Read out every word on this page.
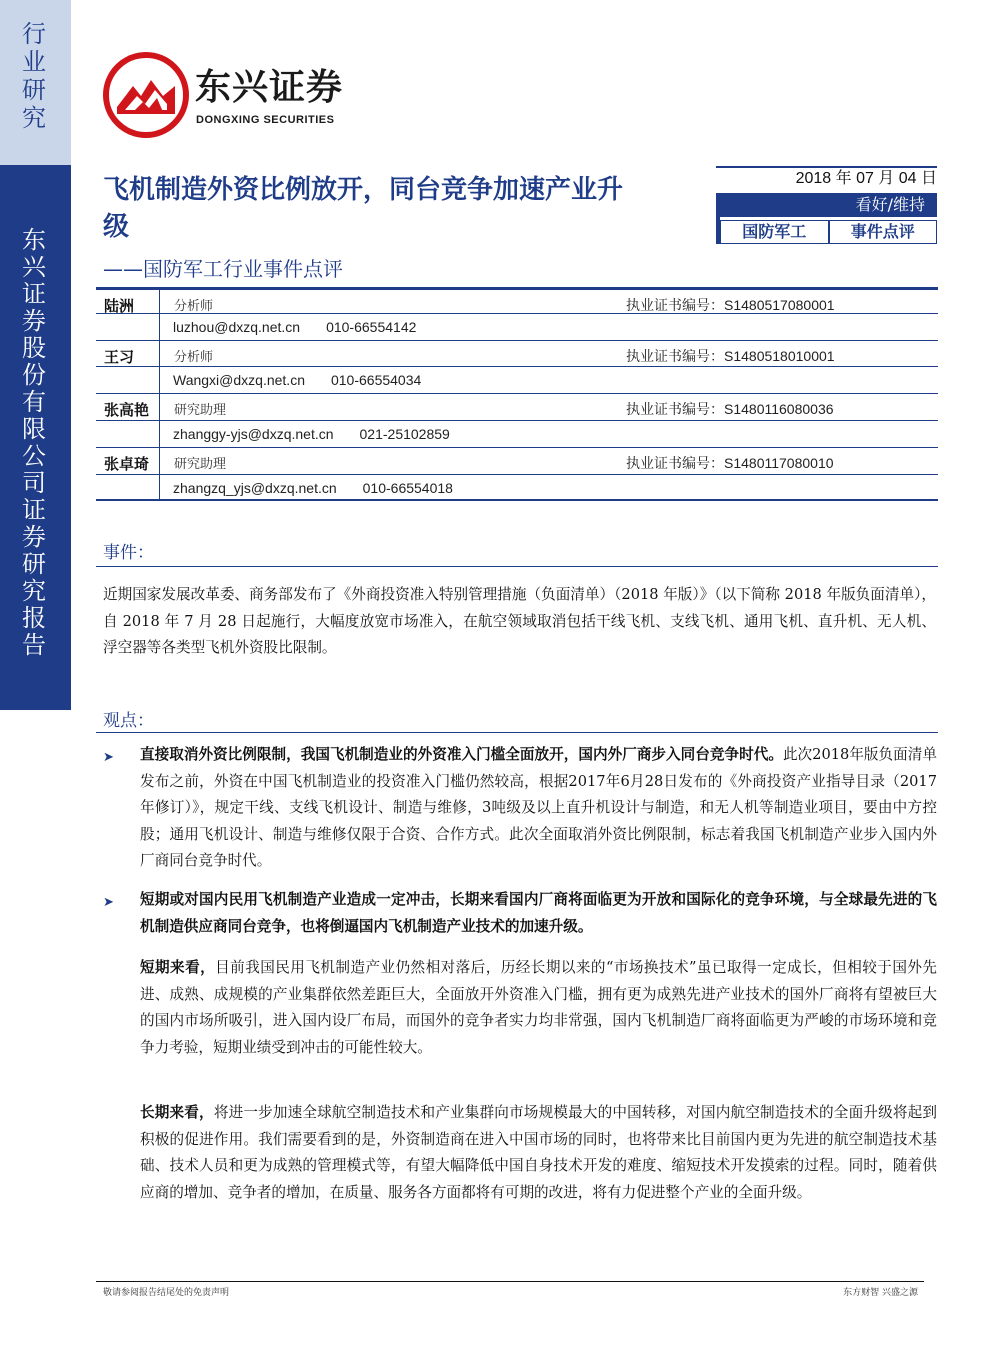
行业研究
东兴证券股份有限公司证券研究报告
东兴证券
DONGXING SECURITIES
飞机制造外资比例放开，同台竞争加速产业升级
——国防军工行业事件点评
2018 年 07 月 04 日
看好/维持
国防军工	事件点评
陆洲	分析师	执业证书编号：S1480517080001
luzhou@dxzq.net.cn 010-66554142
王习	分析师	执业证书编号：S1480518010001
Wangxi@dxzq.net.cn 010-66554034
张高艳 研究助理	执业证书编号：S1480116080036
zhanggy-yjs@dxzq.net.cn 021-25102859
张卓琦 研究助理	执业证书编号：S1480117080010
zhangzq_yjs@dxzq.net.cn 010-66554018
事件：
近期国家发展改革委、商务部发布了《外商投资准入特别管理措施（负面清单）（2018 年版）》（以下简称 2018 年版负面清单），自 2018 年 7 月 28 日起施行，大幅度放宽市场准入，在航空领域取消包括干线飞机、支线飞机、通用飞机、直升机、无人机、浮空器等各类型飞机外资股比限制。
观点：
➤ 直接取消外资比例限制，我国飞机制造业的外资准入门槛全面放开，国内外厂商步入同台竞争时代。此次2018年版负面清单发布之前，外资在中国飞机制造业的投资准入门槛仍然较高，根据2017年6月28日发布的《外商投资产业指导目录（2017年修订）》，规定干线、支线飞机设计、制造与维修，3吨级及以上直升机设计与制造，和无人机等制造业项目，要由中方控股；通用飞机设计、制造与维修仅限于合资、合作方式。此次全面取消外资比例限制，标志着我国飞机制造产业步入国内外厂商同台竞争时代。
➤ 短期或对国内民用飞机制造产业造成一定冲击，长期来看国内厂商将面临更为开放和国际化的竞争环境，与全球最先进的飞机制造供应商同台竞争，也将倒逼国内飞机制造产业技术的加速升级。
短期来看，目前我国民用飞机制造产业仍然相对落后，历经长期以来的“市场换技术”虽已取得一定成长，但相较于国外先进、成熟、成规模的产业集群依然差距巨大，全面放开外资准入门槛，拥有更为成熟先进产业技术的国外厂商将有望被巨大的国内市场所吸引，进入国内设厂布局，而国外的竞争者实力均非常强，国内飞机制造厂商将面临更为严峻的市场环境和竞争力考验，短期业绩受到冲击的可能性较大。
长期来看，将进一步加速全球航空制造技术和产业集群向市场规模最大的中国转移，对国内航空制造技术的全面升级将起到积极的促进作用。我们需要看到的是，外资制造商在进入中国市场的同时，也将带来比目前国内更为先进的航空制造技术基础、技术人员和更为成熟的管理模式等，有望大幅降低中国自身技术开发的难度、缩短技术开发摸索的过程。同时，随着供应商的增加、竞争者的增加，在质量、服务各方面都将有可期的改进，将有力促进整个产业的全面升级。
敬请参阅报告结尾处的免责声明	东方财智 兴盛之源
